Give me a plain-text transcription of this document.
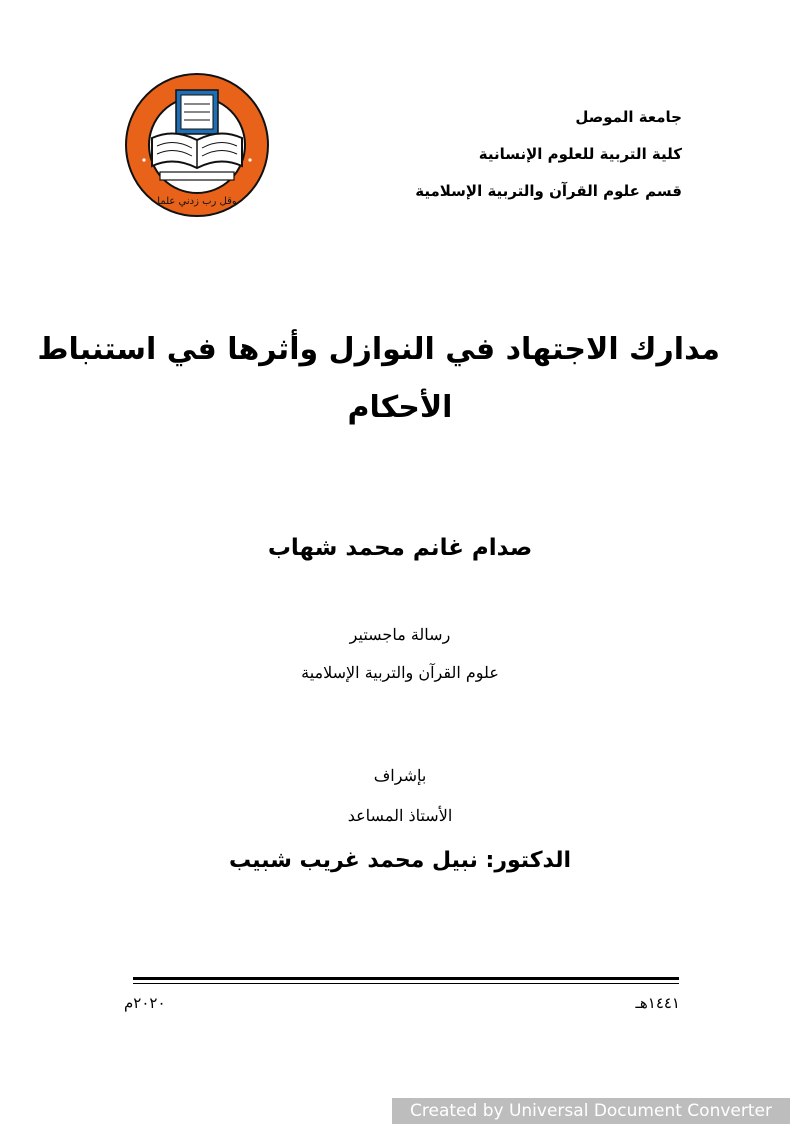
وقل رب زدني علما
جامعة الموصل
كلية التربية للعلوم الإنسانية
قسم علوم القرآن والتربية الإسلامية
مدارك الاجتهاد في النوازل وأثرها في استنباط
الأحكام
صدام غانم محمد شهاب
رسالة ماجستير
علوم القرآن والتربية الإسلامية
بإشراف
الأستاذ المساعد
الدكتور: نبيل محمد غريب شبيب
١٤٤١هـ
٢٠٢٠م
Created by Universal Document Converter
